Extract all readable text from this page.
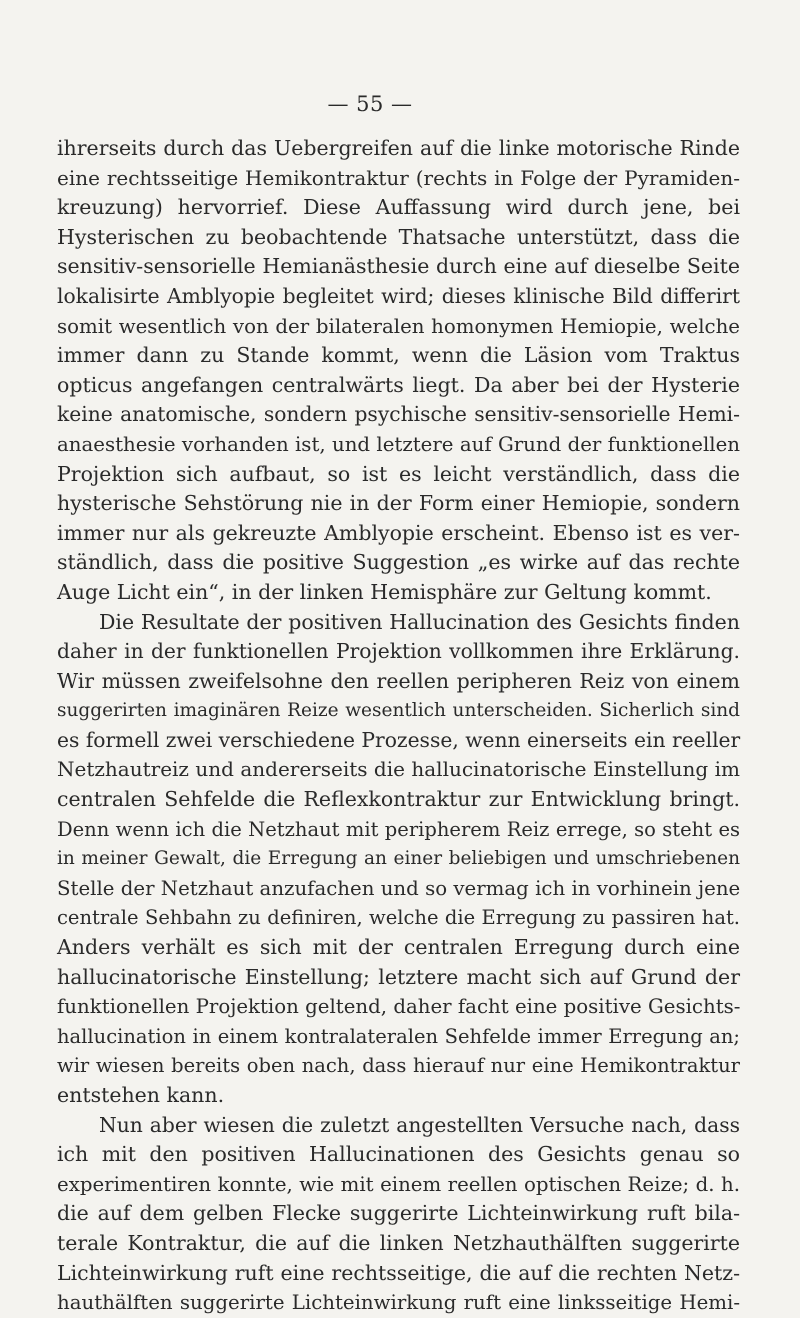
— 55 —
ihrerseits durch das Uebergreifen auf die linke motorische Rinde
eine rechtsseitige Hemikontraktur (rechts in Folge der Pyramiden-
kreuzung) hervorrief. Diese Auffassung wird durch jene, bei
Hysterischen zu beobachtende Thatsache unterstützt, dass die
sensitiv-sensorielle Hemianästhesie durch eine auf dieselbe Seite
lokalisirte Amblyopie begleitet wird; dieses klinische Bild differirt
somit wesentlich von der bilateralen homonymen Hemiopie, welche
immer dann zu Stande kommt, wenn die Läsion vom Traktus
opticus angefangen centralwärts liegt. Da aber bei der Hysterie
keine anatomische, sondern psychische sensitiv-sensorielle Hemi-
anaesthesie vorhanden ist, und letztere auf Grund der funktionellen
Projektion sich aufbaut, so ist es leicht verständlich, dass die
hysterische Sehstörung nie in der Form einer Hemiopie, sondern
immer nur als gekreuzte Amblyopie erscheint. Ebenso ist es ver-
ständlich, dass die positive Suggestion „es wirke auf das rechte
Auge Licht ein“, in der linken Hemisphäre zur Geltung kommt.
Die Resultate der positiven Hallucination des Gesichts finden
daher in der funktionellen Projektion vollkommen ihre Erklärung.
Wir müssen zweifelsohne den reellen peripheren Reiz von einem
suggerirten imaginären Reize wesentlich unterscheiden. Sicherlich sind
es formell zwei verschiedene Prozesse, wenn einerseits ein reeller
Netzhautreiz und andererseits die hallucinatorische Einstellung im
centralen Sehfelde die Reflexkontraktur zur Entwicklung bringt.
Denn wenn ich die Netzhaut mit peripherem Reiz errege, so steht es
in meiner Gewalt, die Erregung an einer beliebigen und umschriebenen
Stelle der Netzhaut anzufachen und so vermag ich in vorhinein jene
centrale Sehbahn zu definiren, welche die Erregung zu passiren hat.
Anders verhält es sich mit der centralen Erregung durch eine
hallucinatorische Einstellung; letztere macht sich auf Grund der
funktionellen Projektion geltend, daher facht eine positive Gesichts-
hallucination in einem kontralateralen Sehfelde immer Erregung an;
wir wiesen bereits oben nach, dass hierauf nur eine Hemikontraktur
entstehen kann.
Nun aber wiesen die zuletzt angestellten Versuche nach, dass
ich mit den positiven Hallucinationen des Gesichts genau so
experimentiren konnte, wie mit einem reellen optischen Reize; d. h.
die auf dem gelben Flecke suggerirte Lichteinwirkung ruft bila-
terale Kontraktur, die auf die linken Netzhauthälften suggerirte
Lichteinwirkung ruft eine rechtsseitige, die auf die rechten Netz-
hauthälften suggerirte Lichteinwirkung ruft eine linksseitige Hemi-
